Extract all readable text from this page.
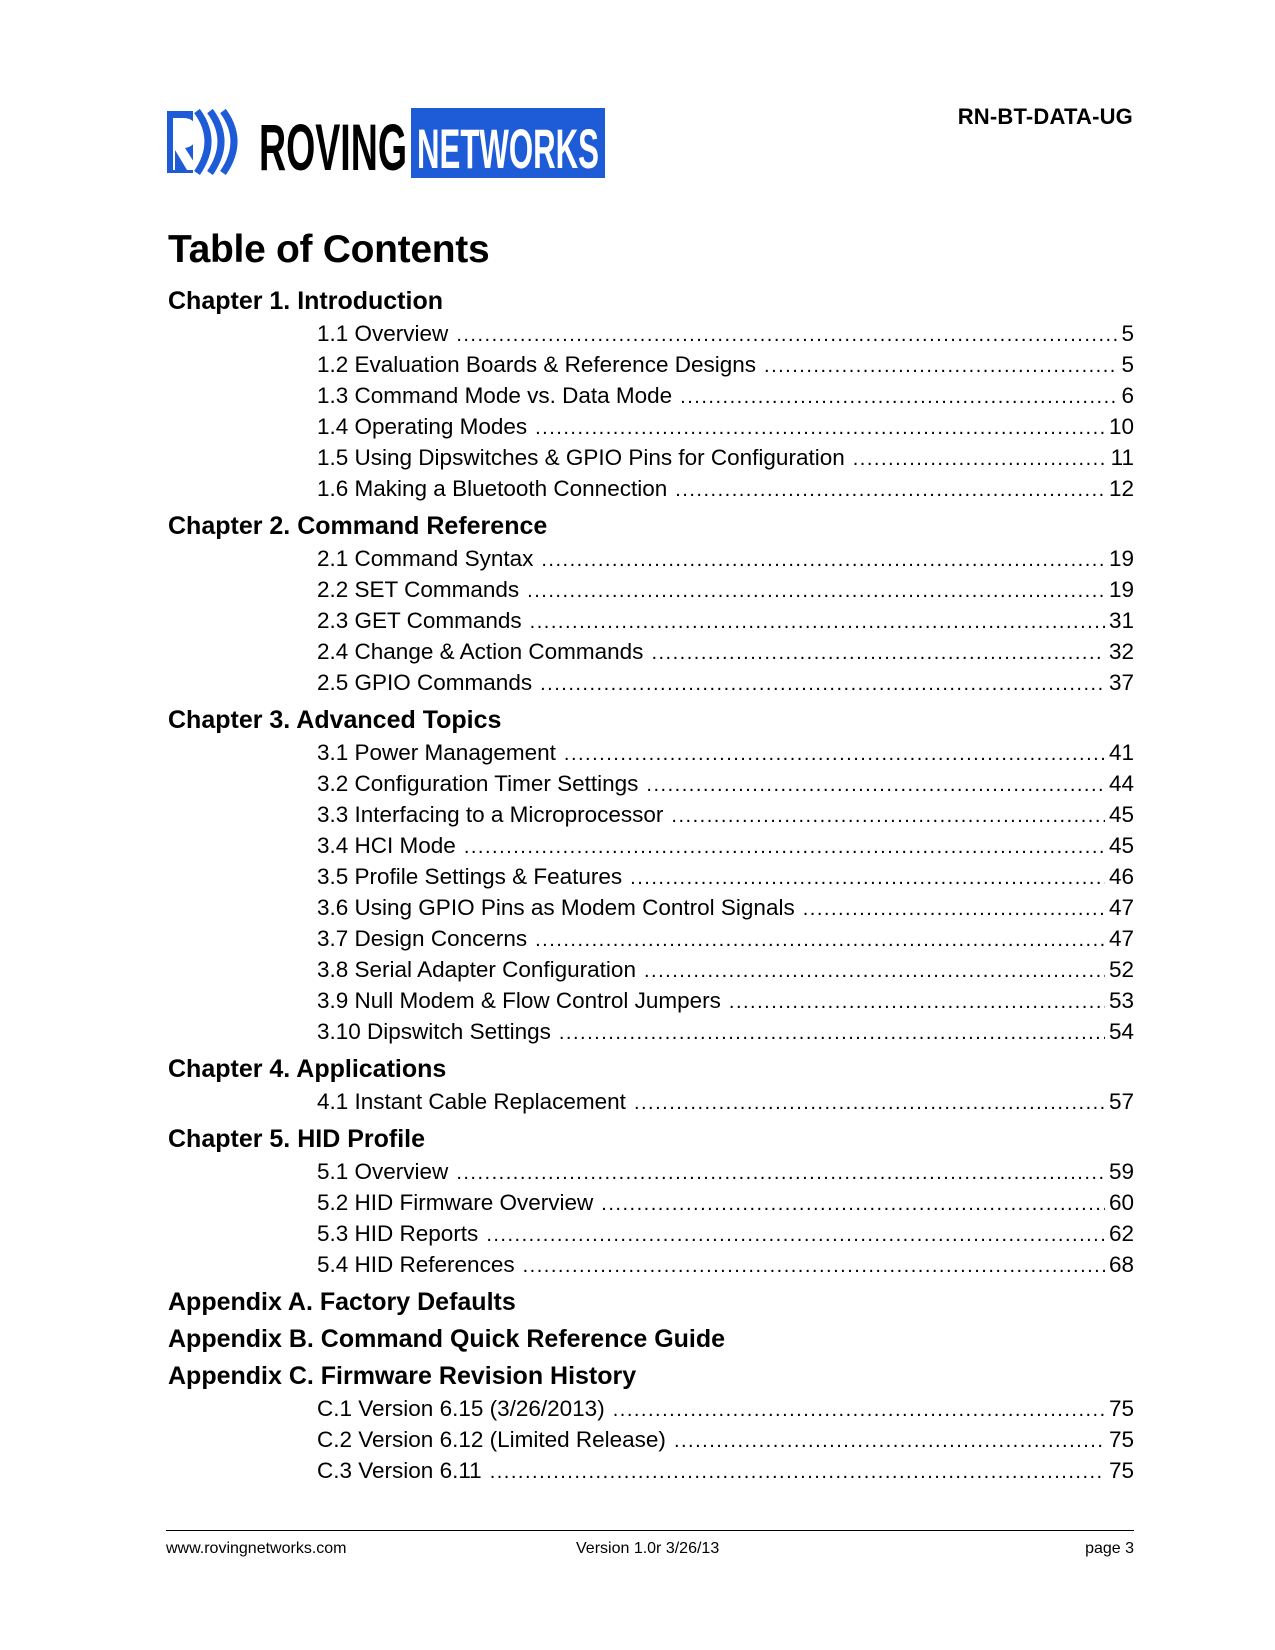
ROVING NETWORKS
RN-BT-DATA-UG
Table of Contents
Chapter 1. Introduction
1.1 Overview .....	5
1.2 Evaluation Boards & Reference Designs .....	5
1.3 Command Mode vs. Data Mode .....	6
1.4 Operating Modes .....	10
1.5 Using Dipswitches & GPIO Pins for Configuration .....	11
1.6 Making a Bluetooth Connection .....	12
Chapter 2. Command Reference
2.1 Command Syntax .....	19
2.2 SET Commands .....	19
2.3 GET Commands .....	31
2.4 Change & Action Commands .....	32
2.5 GPIO Commands .....	37
Chapter 3. Advanced Topics
3.1 Power Management .....	41
3.2 Configuration Timer Settings .....	44
3.3 Interfacing to a Microprocessor .....	45
3.4 HCI Mode .....	45
3.5 Profile Settings & Features .....	46
3.6 Using GPIO Pins as Modem Control Signals .....	47
3.7 Design Concerns .....	47
3.8 Serial Adapter Configuration .....	52
3.9 Null Modem & Flow Control Jumpers .....	53
3.10 Dipswitch Settings .....	54
Chapter 4. Applications
4.1 Instant Cable Replacement .....	57
Chapter 5. HID Profile
5.1 Overview .....	59
5.2 HID Firmware Overview .....	60
5.3 HID Reports .....	62
5.4 HID References .....	68
Appendix A. Factory Defaults
Appendix B. Command Quick Reference Guide
Appendix C. Firmware Revision History
C.1 Version 6.15 (3/26/2013) .....	75
C.2 Version 6.12 (Limited Release) .....	75
C.3 Version 6.11 .....	75
www.rovingnetworks.com	Version 1.0r 3/26/13	page 3
